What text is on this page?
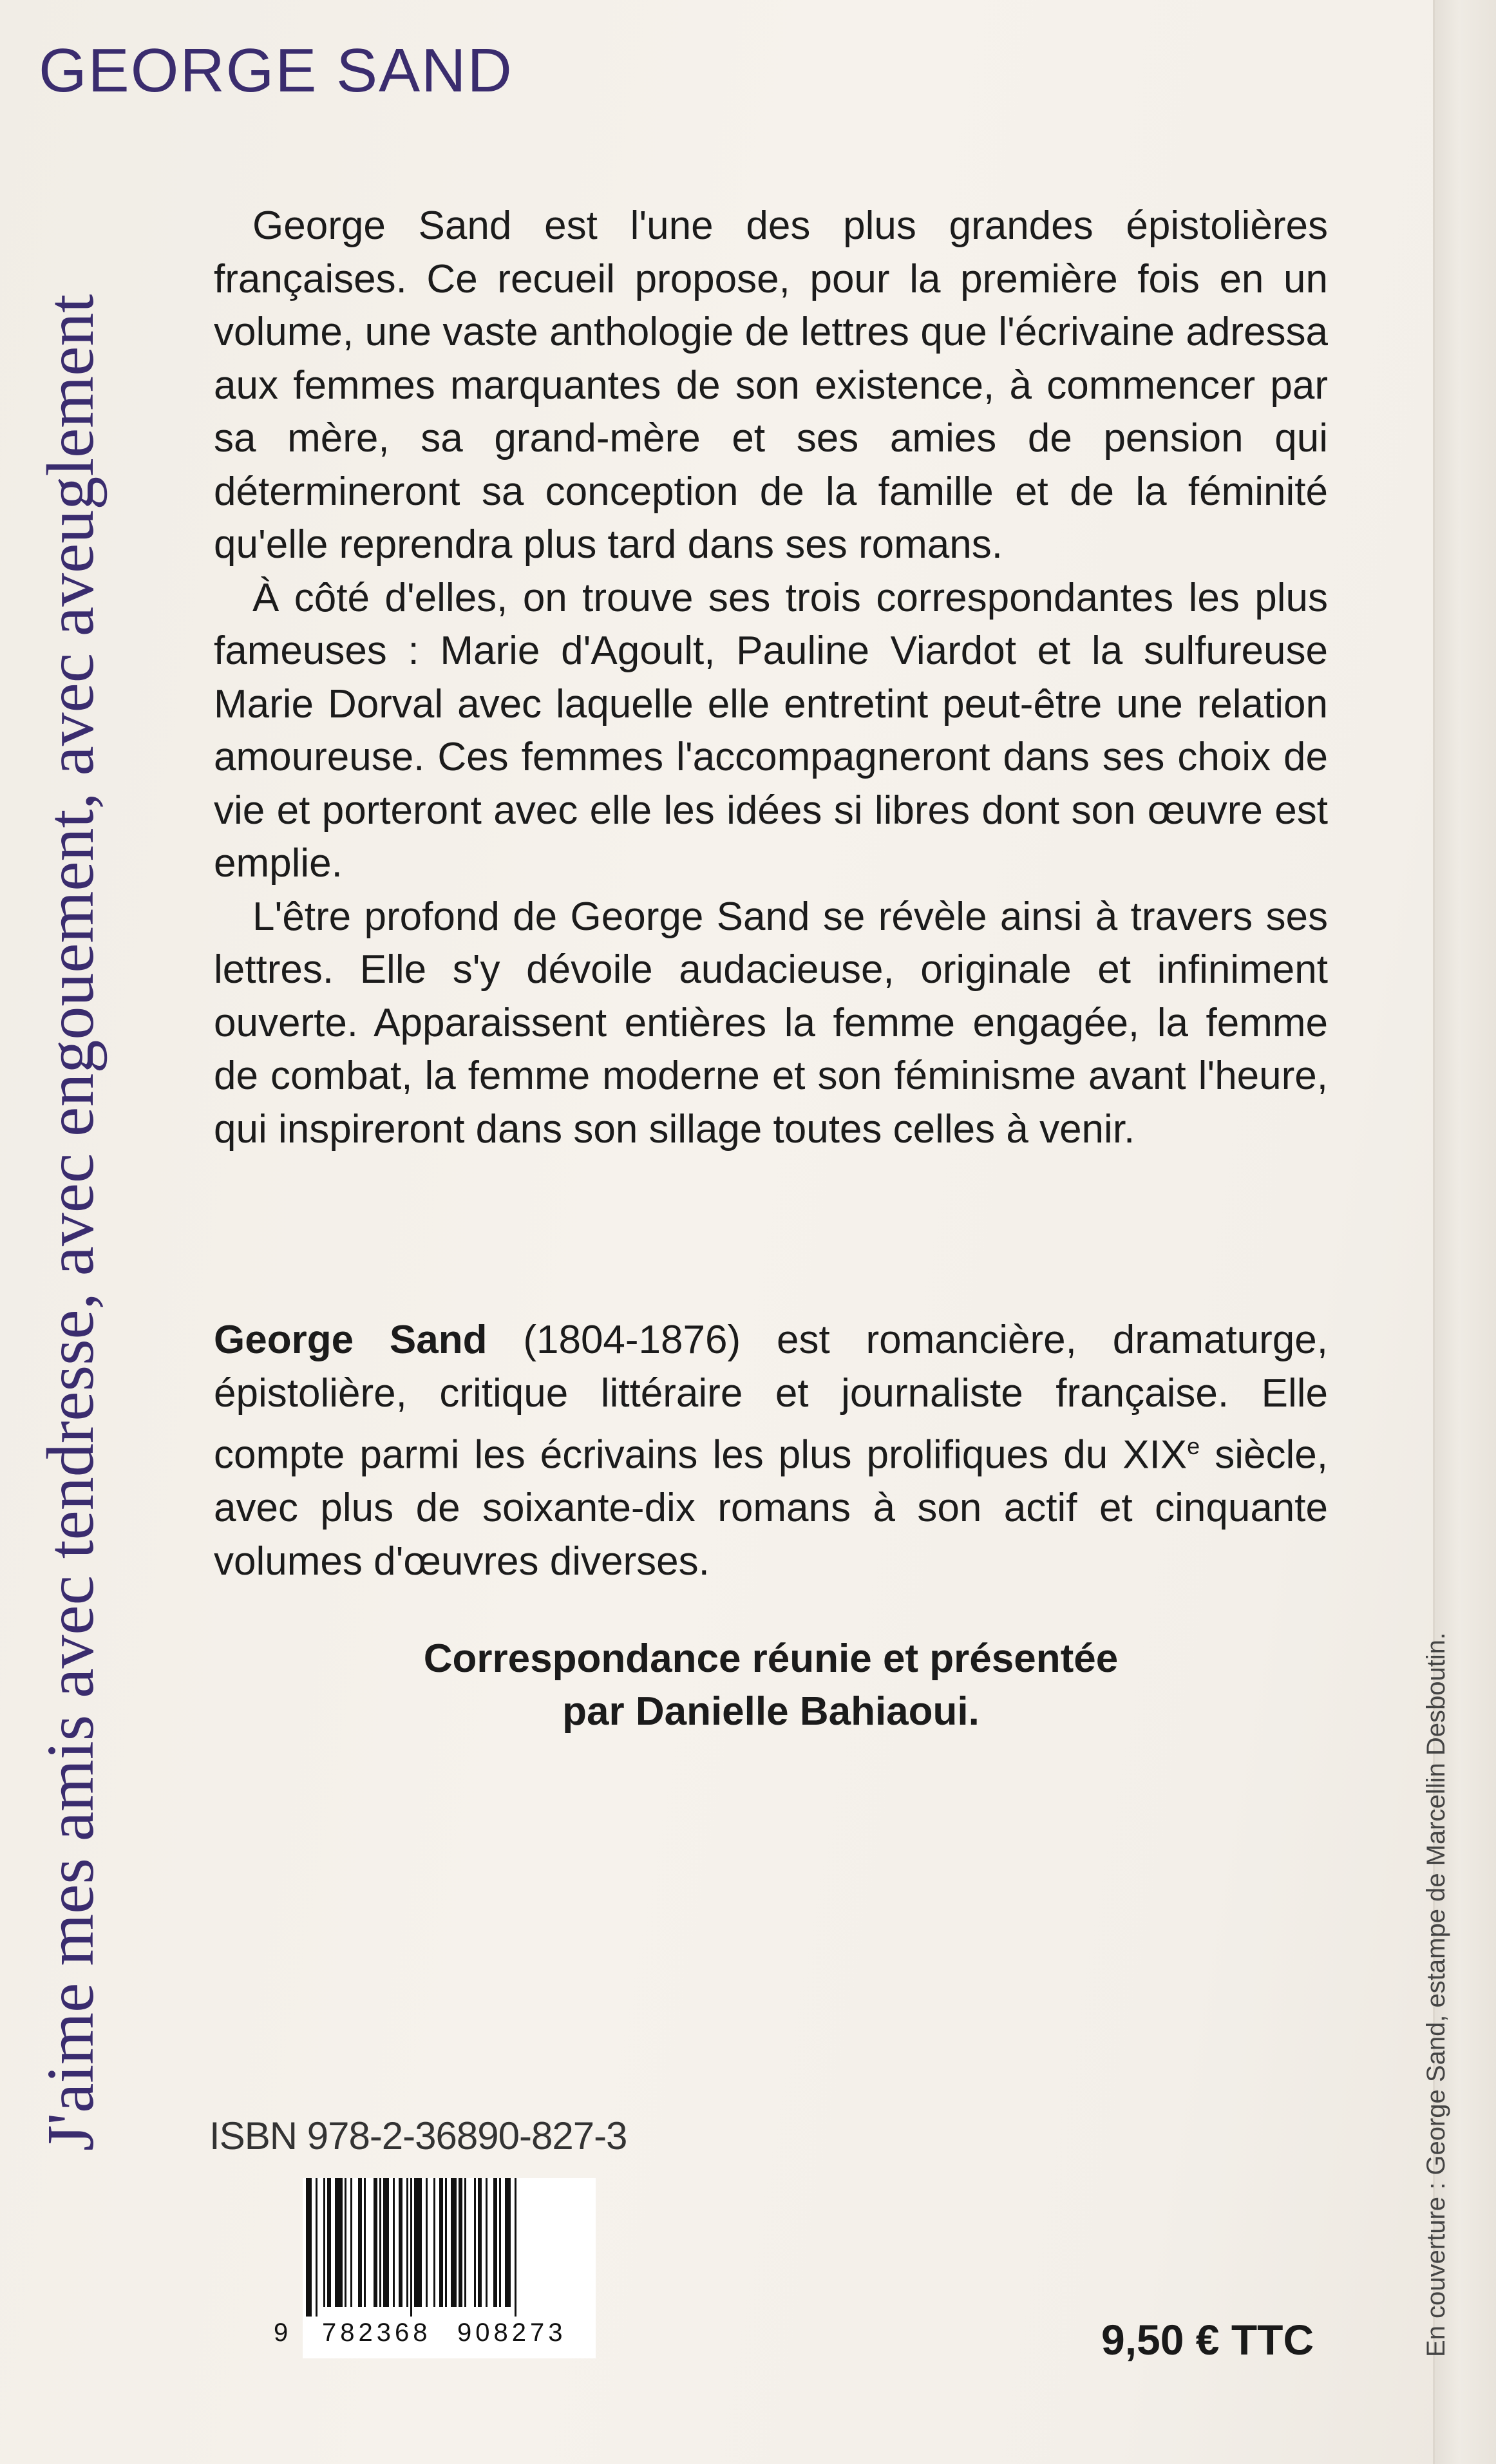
GEORGE SAND
J'aime mes amis avec tendresse, avec engouement, avec aveuglement

George Sand est l'une des plus grandes épistolières françaises. Ce recueil propose, pour la première fois en un volume, une vaste anthologie de lettres que l'écrivaine adressa aux femmes marquantes de son existence, à commencer par sa mère, sa grand-mère et ses amies de pension qui détermineront sa conception de la famille et de la féminité qu'elle reprendra plus tard dans ses romans.

À côté d'elles, on trouve ses trois correspondantes les plus fameuses : Marie d'Agoult, Pauline Viardot et la sulfureuse Marie Dorval avec laquelle elle entretint peut-être une relation amoureuse. Ces femmes l'accompagneront dans ses choix de vie et porteront avec elle les idées si libres dont son œuvre est emplie.

L'être profond de George Sand se révèle ainsi à travers ses lettres. Elle s'y dévoile audacieuse, originale et infiniment ouverte. Apparaissent entières la femme engagée, la femme de combat, la femme moderne et son féminisme avant l'heure, qui inspireront dans son sillage toutes celles à venir.

George Sand (1804-1876) est romancière, dramaturge, épistolière, critique littéraire et journaliste française. Elle compte parmi les écrivains les plus prolifiques du XIXe siècle, avec plus de soixante-dix romans à son actif et cinquante volumes d'œuvres diverses.
Correspondance réunie et présentée
par Danielle Bahiaoui.
ISBN 978-2-36890-827-3
9 782368 908273	9,50 € TTC	En couverture : George Sand, estampe de Marcellin Desboutin.
